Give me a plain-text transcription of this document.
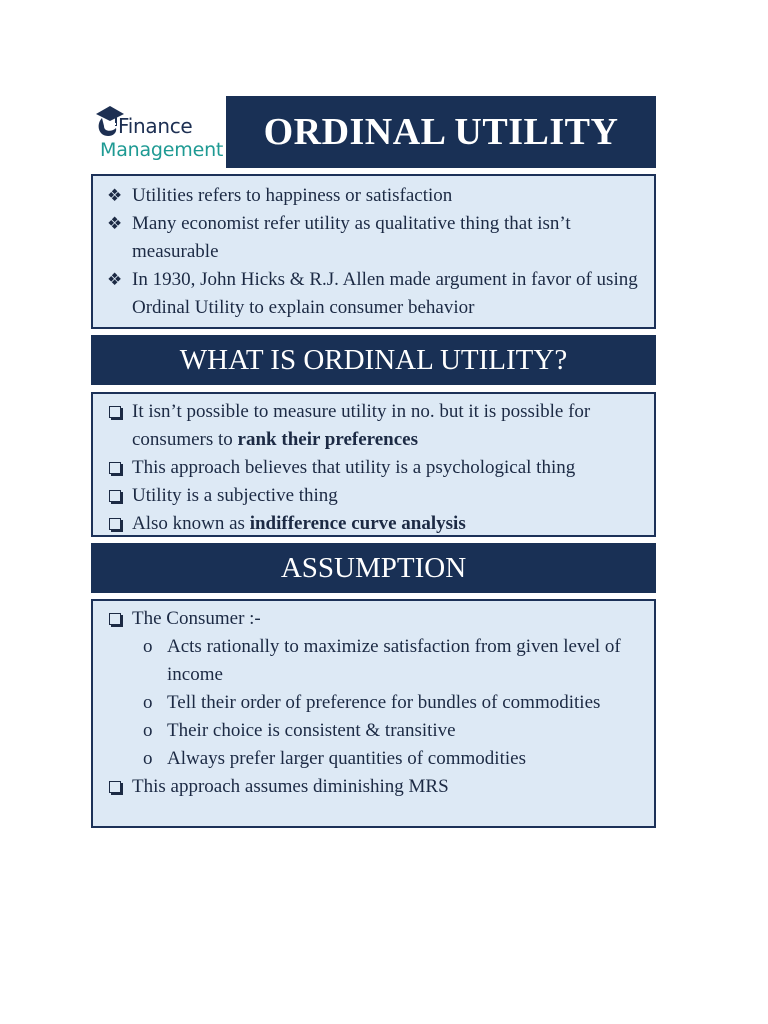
Finance
Management	ORDINAL UTILITY
❖ Utilities refers to happiness or satisfaction
❖ Many economist refer utility as qualitative thing that isn’t measurable
❖ In 1930, John Hicks & R.J. Allen made argument in favor of using Ordinal Utility to explain consumer behavior
WHAT IS ORDINAL UTILITY?
It isn’t possible to measure utility in no. but it is possible for consumers to rank their preferences
This approach believes that utility is a psychological thing
Utility is a subjective thing
Also known as indifference curve analysis
ASSUMPTION
The Consumer :-
o Acts rationally to maximize satisfaction from given level of income
o Tell their order of preference for bundles of commodities
o Their choice is consistent & transitive
o Always prefer larger quantities of commodities
This approach assumes diminishing MRS
